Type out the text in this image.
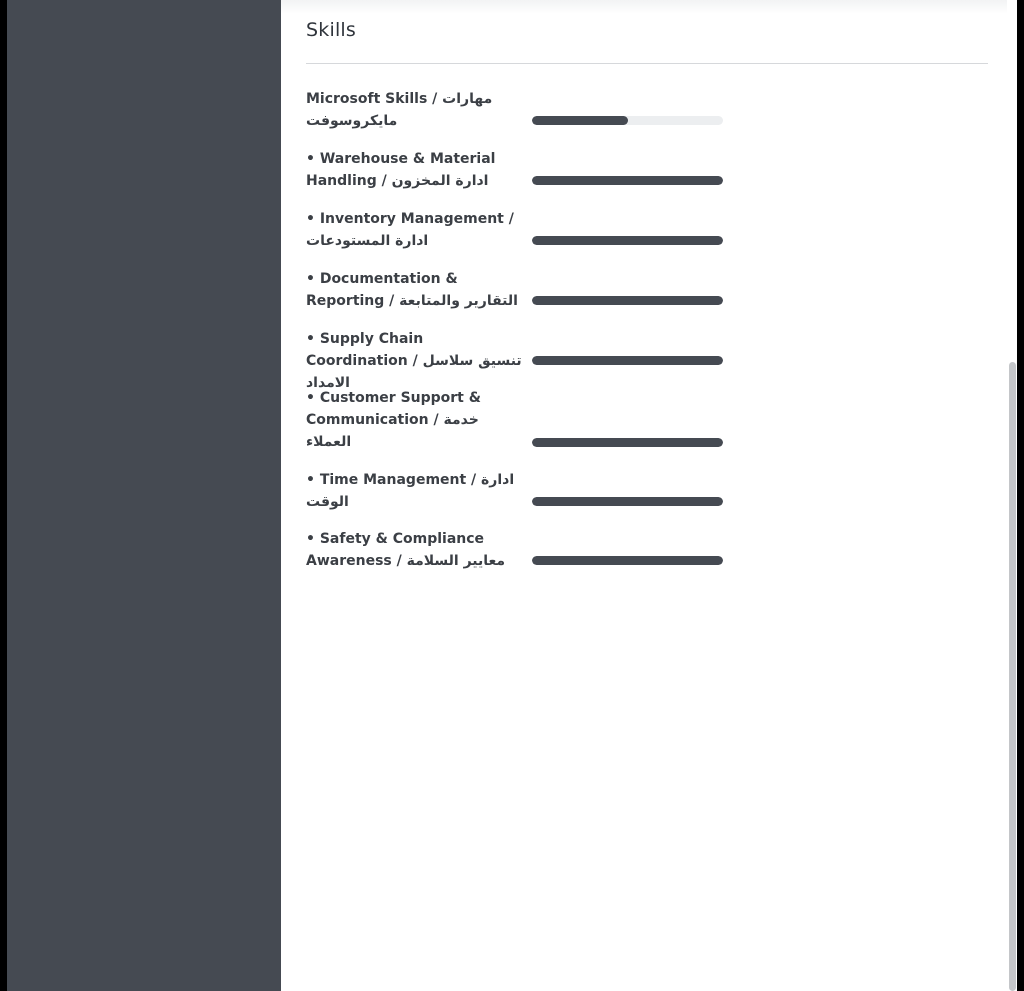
Skills
Microsoft Skills / مهارات مايكروسوفت
• Warehouse & Material Handling / ادارة المخزون
• Inventory Management / ادارة المستودعات
• Documentation & Reporting / التقارير والمتابعة
• Supply Chain Coordination / تنسيق سلاسل الامداد
• Customer Support & Communication / خدمة العملاء
• Time Management / ادارة الوقت
• Safety & Compliance Awareness / معايير السلامة
